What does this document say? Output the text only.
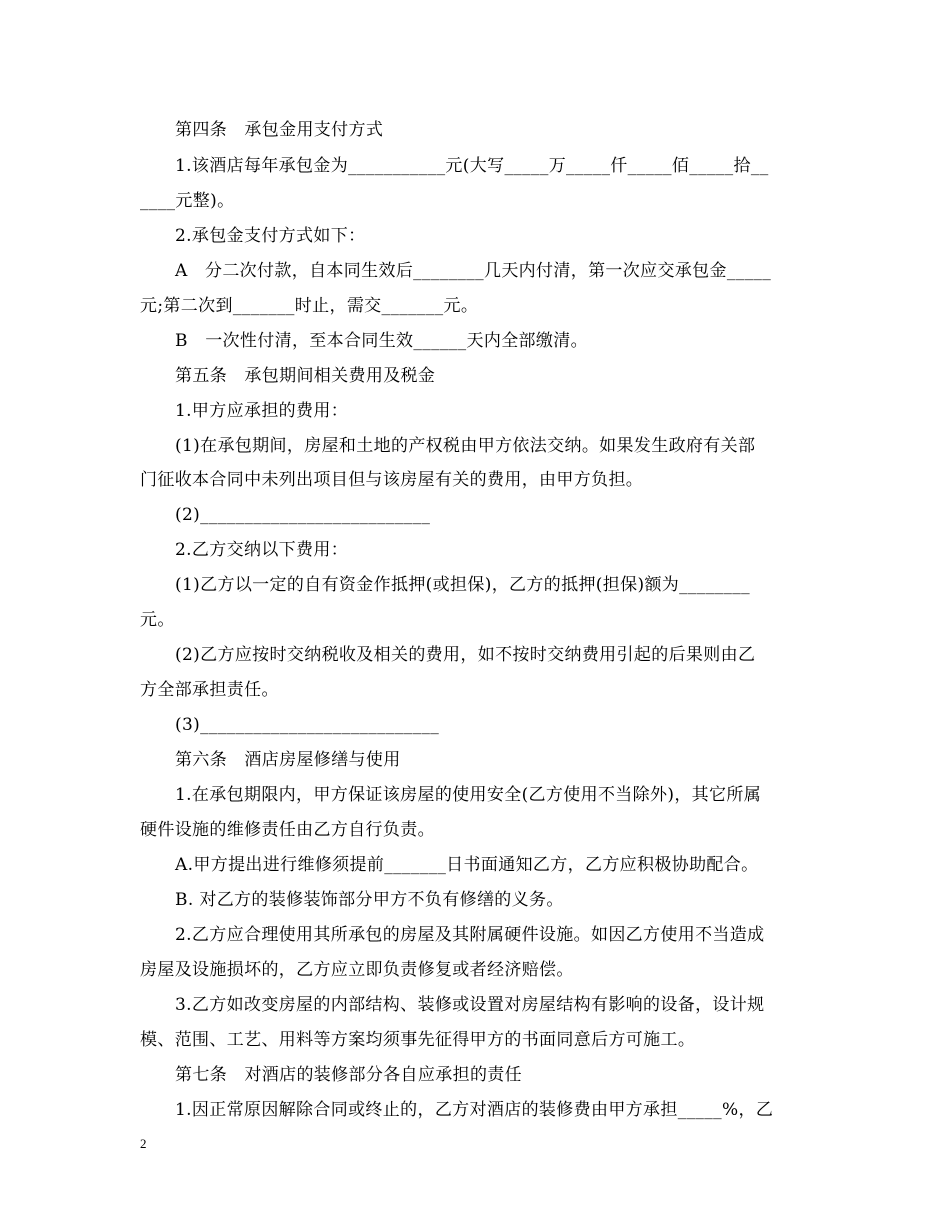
第四条　承包金用支付方式
1.该酒店每年承包金为___________元(大写_____万_____仟_____佰_____拾__
____元整)。
2.承包金支付方式如下：
A　分二次付款，自本同生效后________几天内付清，第一次应交承包金_____
元;第二次到_______时止，需交_______元。
B　一次性付清，至本合同生效______天内全部缴清。
第五条　承包期间相关费用及税金
1.甲方应承担的费用：
(1)在承包期间，房屋和土地的产权税由甲方依法交纳。如果发生政府有关部
门征收本合同中未列出项目但与该房屋有关的费用，由甲方负担。
(2)__________________________
2.乙方交纳以下费用：
(1)乙方以一定的自有资金作抵押(或担保)，乙方的抵押(担保)额为________
元。
(2)乙方应按时交纳税收及相关的费用，如不按时交纳费用引起的后果则由乙
方全部承担责任。
(3)___________________________
第六条　酒店房屋修缮与使用
1.在承包期限内，甲方保证该房屋的使用安全(乙方使用不当除外)，其它所属
硬件设施的维修责任由乙方自行负责。
A.甲方提出进行维修须提前_______日书面通知乙方，乙方应积极协助配合。
B. 对乙方的装修装饰部分甲方不负有修缮的义务。
2.乙方应合理使用其所承包的房屋及其附属硬件设施。如因乙方使用不当造成
房屋及设施损坏的，乙方应立即负责修复或者经济赔偿。
3.乙方如改变房屋的内部结构、装修或设置对房屋结构有影响的设备，设计规
模、范围、工艺、用料等方案均须事先征得甲方的书面同意后方可施工。
第七条　对酒店的装修部分各自应承担的责任
1.因正常原因解除合同或终止的，乙方对酒店的装修费由甲方承担_____%，乙
2
